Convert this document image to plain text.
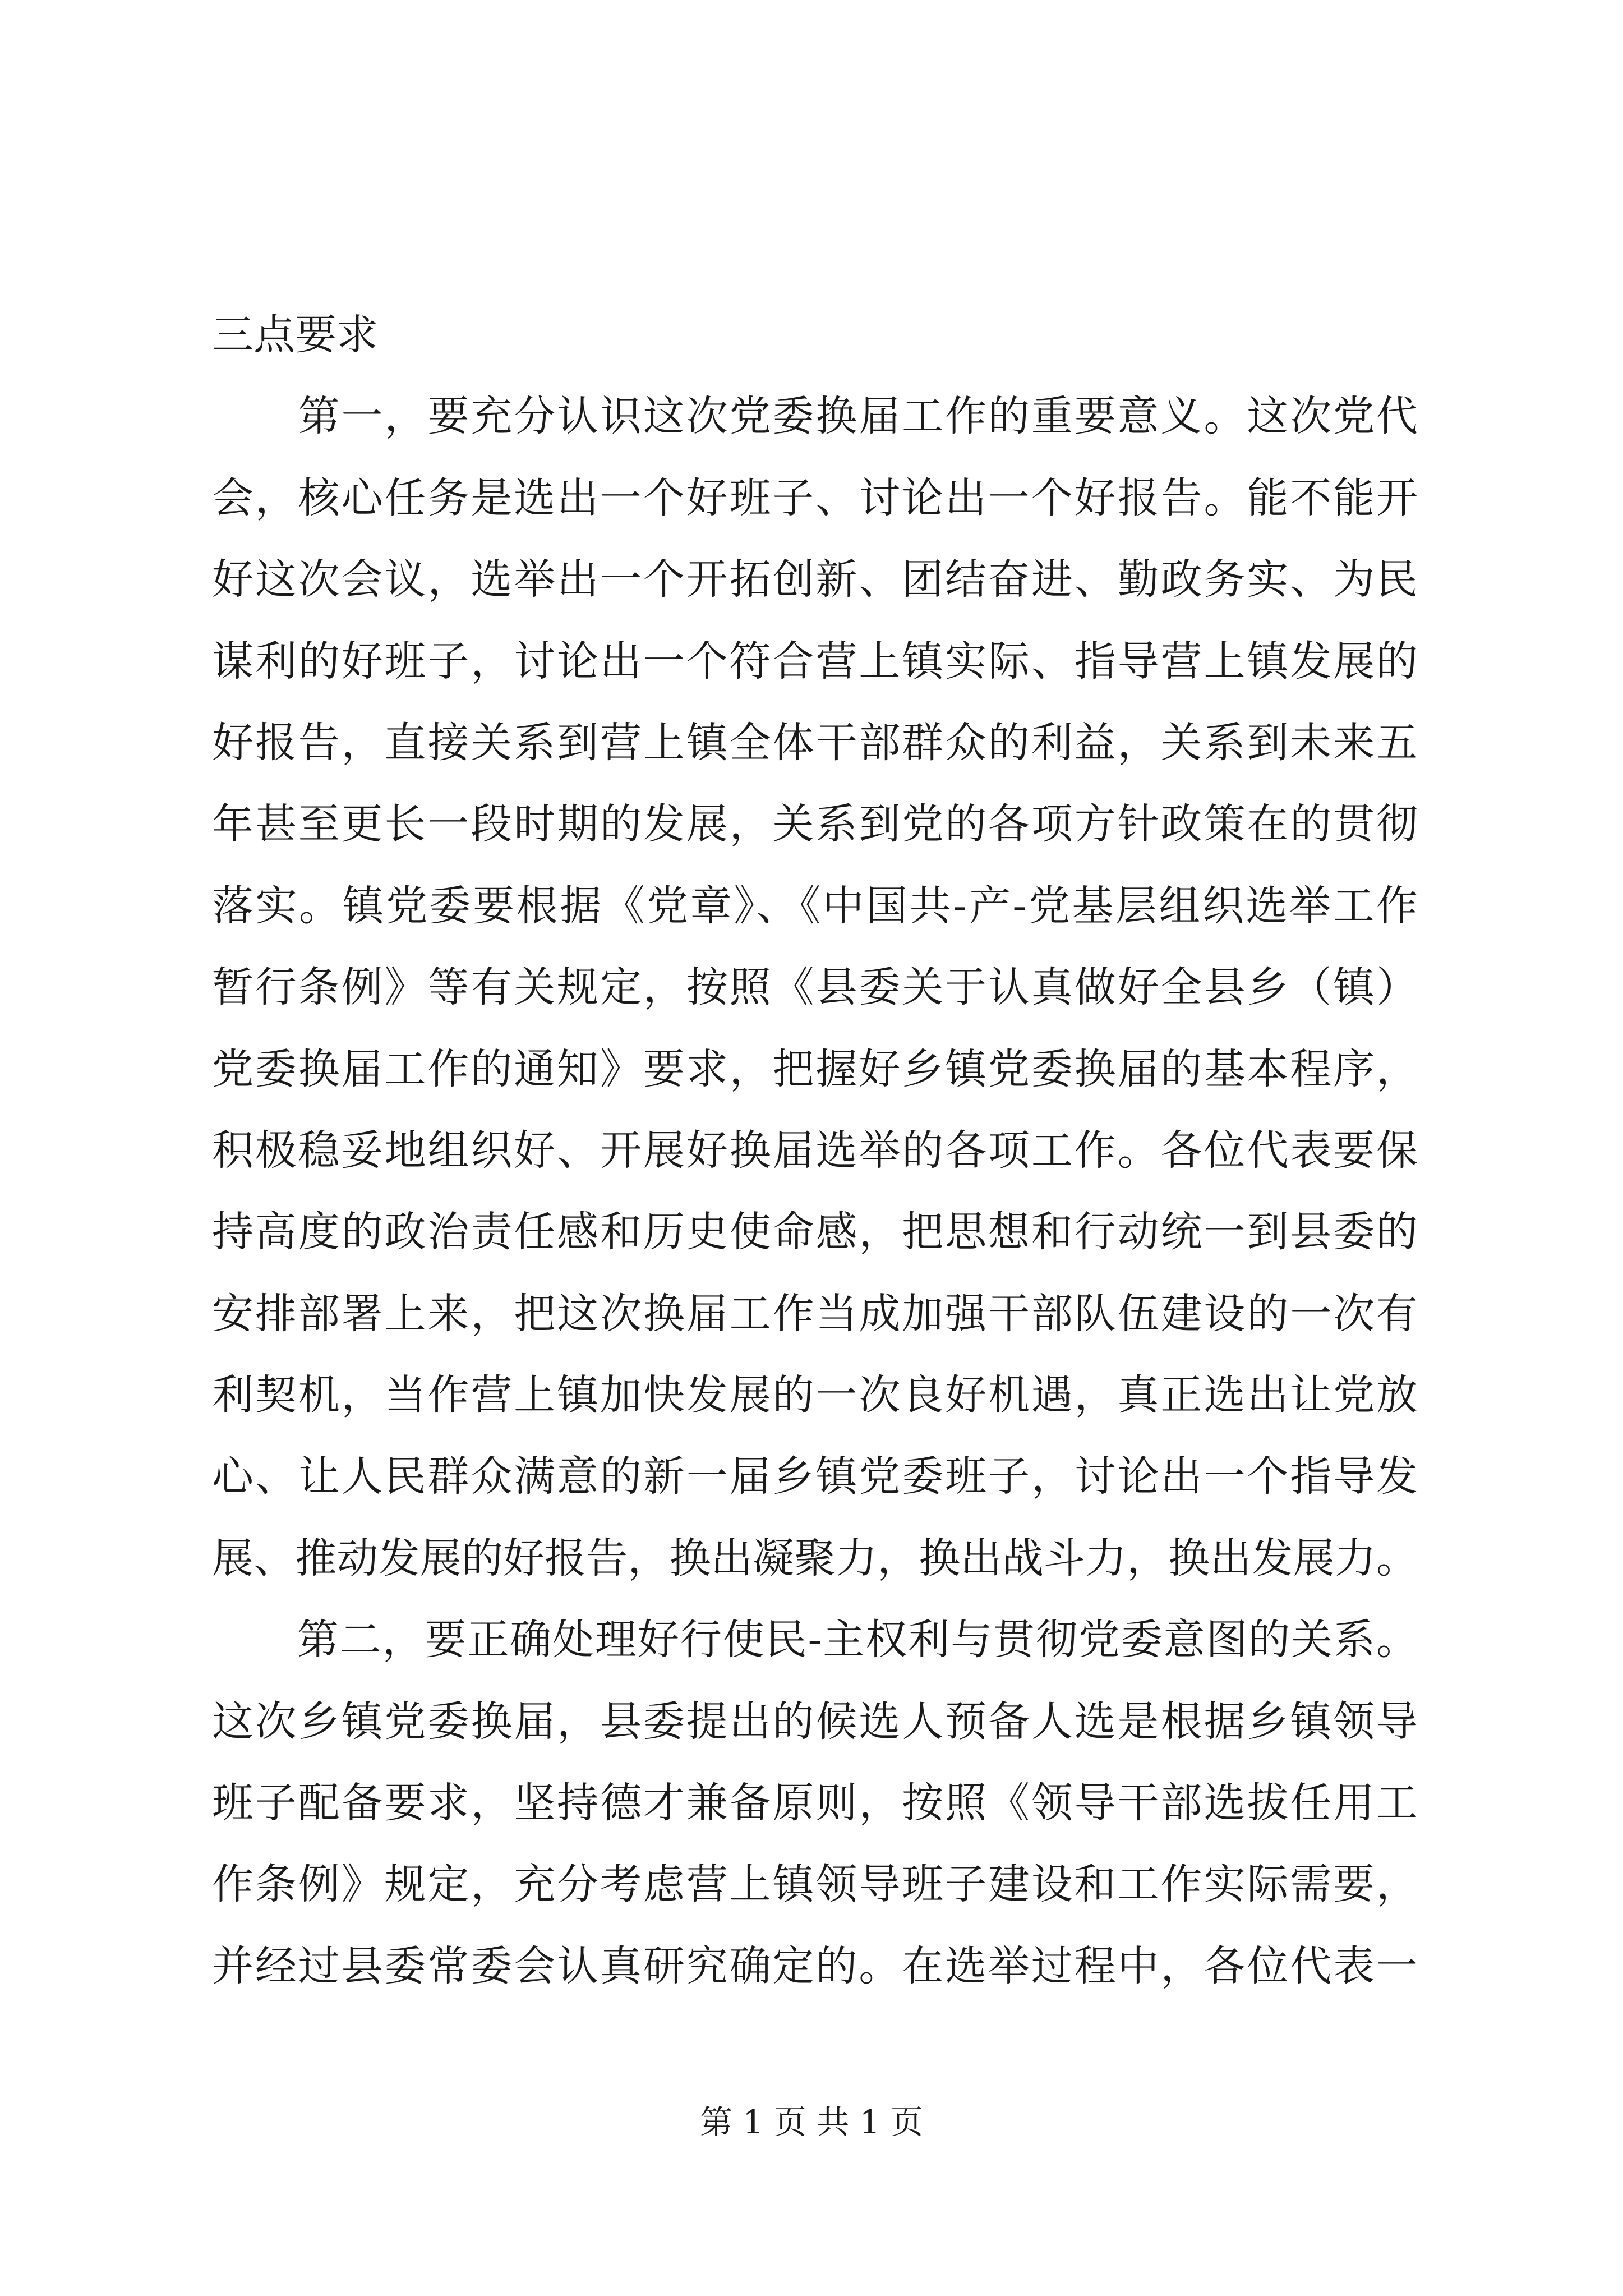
三点要求
　　第一，要充分认识这次党委换届工作的重要意义。这次党代
会，核心任务是选出一个好班子、讨论出一个好报告。能不能开
好这次会议，选举出一个开拓创新、团结奋进、勤政务实、为民
谋利的好班子，讨论出一个符合营上镇实际、指导营上镇发展的
好报告，直接关系到营上镇全体干部群众的利益，关系到未来五
年甚至更长一段时期的发展，关系到党的各项方针政策在的贯彻
落实。镇党委要根据《党章》、《中国共-产-党基层组织选举工作
暂行条例》等有关规定，按照《县委关于认真做好全县乡（镇）
党委换届工作的通知》要求，把握好乡镇党委换届的基本程序，
积极稳妥地组织好、开展好换届选举的各项工作。各位代表要保
持高度的政治责任感和历史使命感，把思想和行动统一到县委的
安排部署上来，把这次换届工作当成加强干部队伍建设的一次有
利契机，当作营上镇加快发展的一次良好机遇，真正选出让党放
心、让人民群众满意的新一届乡镇党委班子，讨论出一个指导发
展、推动发展的好报告，换出凝聚力，换出战斗力，换出发展力。
　　第二，要正确处理好行使民-主权利与贯彻党委意图的关系。
这次乡镇党委换届，县委提出的候选人预备人选是根据乡镇领导
班子配备要求，坚持德才兼备原则，按照《领导干部选拔任用工
作条例》规定，充分考虑营上镇领导班子建设和工作实际需要，
并经过县委常委会认真研究确定的。在选举过程中，各位代表一
第 1 页 共 1 页
